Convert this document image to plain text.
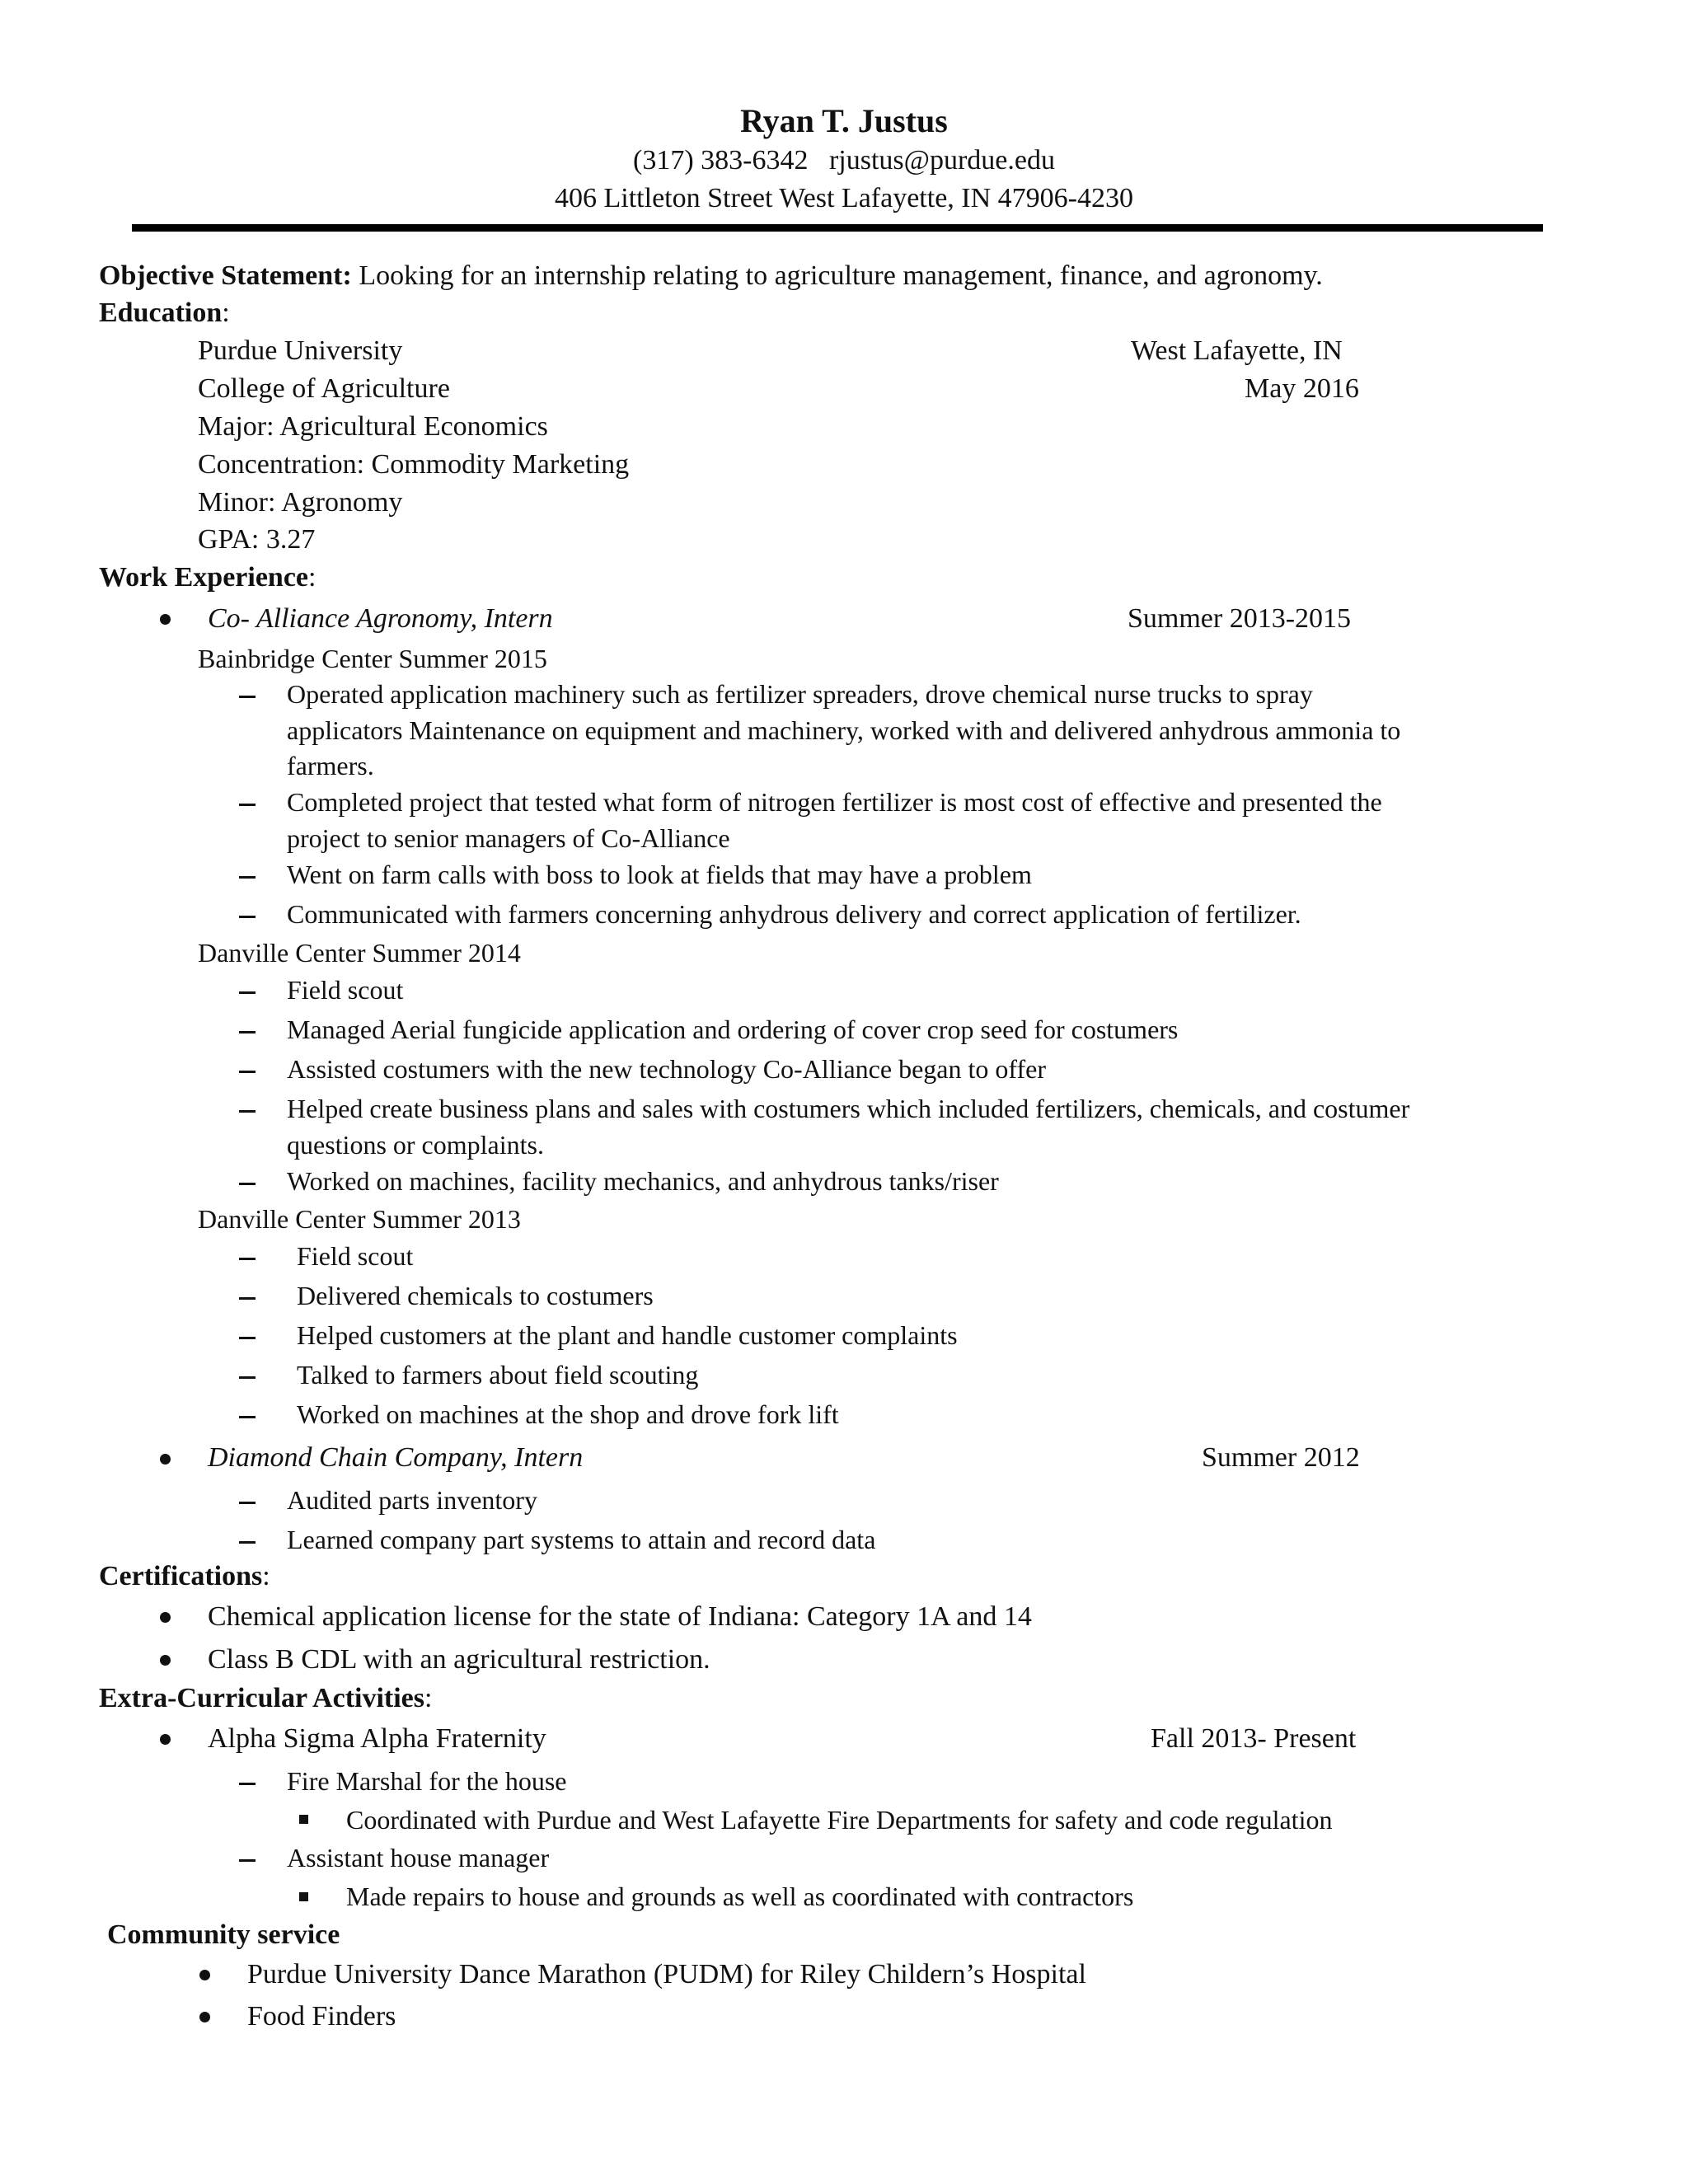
Ryan T. Justus
(317) 383-6342 rjustus@purdue.edu
406 Littleton Street West Lafayette, IN 47906-4230
Objective Statement: Looking for an internship relating to agriculture management, finance, and agronomy.
Education:
Purdue University	West Lafayette, IN
College of Agriculture	May 2016
Major: Agricultural Economics
Concentration: Commodity Marketing
Minor: Agronomy
GPA: 3.27
Work Experience:
Co- Alliance Agronomy, Intern	Summer 2013-2015
Bainbridge Center Summer 2015
Operated application machinery such as fertilizer spreaders, drove chemical nurse trucks to spray
applicators Maintenance on equipment and machinery, worked with and delivered anhydrous ammonia to
farmers.
Completed project that tested what form of nitrogen fertilizer is most cost of effective and presented the
project to senior managers of Co-Alliance
Went on farm calls with boss to look at fields that may have a problem
Communicated with farmers concerning anhydrous delivery and correct application of fertilizer.
Danville Center Summer 2014
Field scout
Managed Aerial fungicide application and ordering of cover crop seed for costumers
Assisted costumers with the new technology Co-Alliance began to offer
Helped create business plans and sales with costumers which included fertilizers, chemicals, and costumer
questions or complaints.
Worked on machines, facility mechanics, and anhydrous tanks/riser
Danville Center Summer 2013
Field scout
Delivered chemicals to costumers
Helped customers at the plant and handle customer complaints
Talked to farmers about field scouting
Worked on machines at the shop and drove fork lift
Diamond Chain Company, Intern	Summer 2012
Audited parts inventory
Learned company part systems to attain and record data
Certifications:
Chemical application license for the state of Indiana: Category 1A and 14
Class B CDL with an agricultural restriction.
Extra-Curricular Activities:
Alpha Sigma Alpha Fraternity	Fall 2013- Present
Fire Marshal for the house
Coordinated with Purdue and West Lafayette Fire Departments for safety and code regulation
Assistant house manager
Made repairs to house and grounds as well as coordinated with contractors
Community service
Purdue University Dance Marathon (PUDM) for Riley Childern’s Hospital
Food Finders
